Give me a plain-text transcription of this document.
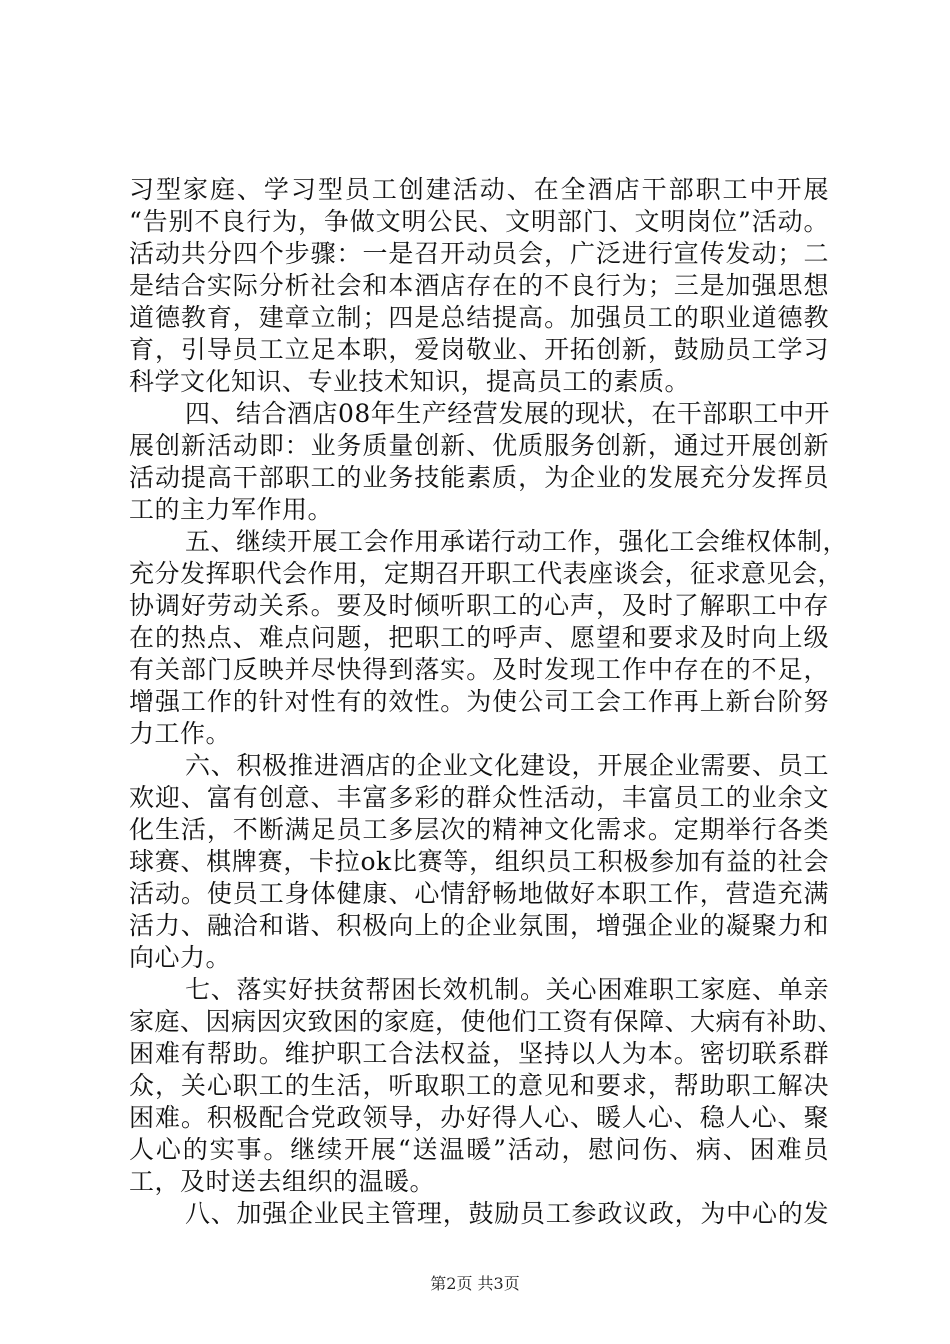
习型家庭、学习型员工创建活动、在全酒店干部职工中开展
“告别不良行为，争做文明公民、文明部门、文明岗位”活动。
活动共分四个步骤：一是召开动员会，广泛进行宣传发动；二
是结合实际分析社会和本酒店存在的不良行为；三是加强思想
道德教育，建章立制；四是总结提高。加强员工的职业道德教
育，引导员工立足本职，爱岗敬业、开拓创新，鼓励员工学习
科学文化知识、专业技术知识，提高员工的素质。
四、结合酒店08年生产经营发展的现状，在干部职工中开
展创新活动即：业务质量创新、优质服务创新，通过开展创新
活动提高干部职工的业务技能素质，为企业的发展充分发挥员
工的主力军作用。
五、继续开展工会作用承诺行动工作，强化工会维权体制，
充分发挥职代会作用，定期召开职工代表座谈会，征求意见会，
协调好劳动关系。要及时倾听职工的心声，及时了解职工中存
在的热点、难点问题，把职工的呼声、愿望和要求及时向上级
有关部门反映并尽快得到落实。及时发现工作中存在的不足，
增强工作的针对性有的效性。为使公司工会工作再上新台阶努
力工作。
六、积极推进酒店的企业文化建设，开展企业需要、员工
欢迎、富有创意、丰富多彩的群众性活动，丰富员工的业余文
化生活，不断满足员工多层次的精神文化需求。定期举行各类
球赛、棋牌赛，卡拉ok比赛等，组织员工积极参加有益的社会
活动。使员工身体健康、心情舒畅地做好本职工作，营造充满
活力、融洽和谐、积极向上的企业氛围，增强企业的凝聚力和
向心力。
七、落实好扶贫帮困长效机制。关心困难职工家庭、单亲
家庭、因病因灾致困的家庭，使他们工资有保障、大病有补助、
困难有帮助。维护职工合法权益，坚持以人为本。密切联系群
众，关心职工的生活，听取职工的意见和要求，帮助职工解决
困难。积极配合党政领导，办好得人心、暖人心、稳人心、聚
人心的实事。继续开展“送温暖”活动，慰问伤、病、困难员
工，及时送去组织的温暖。
八、加强企业民主管理，鼓励员工参政议政，为中心的发
第2页 共3页
